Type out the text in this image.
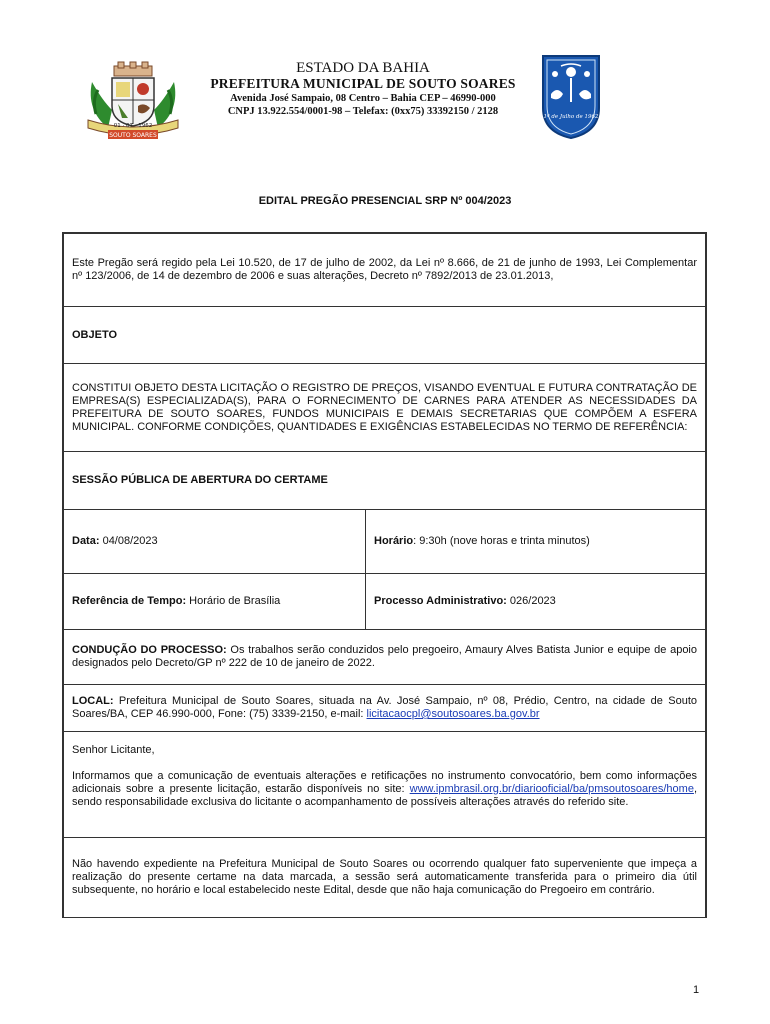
SOUTO SOARES
01 · 07 · 1962
ESTADO DA BAHIA
PREFEITURA MUNICIPAL DE SOUTO SOARES
Avenida José Sampaio, 08 Centro – Bahia CEP – 46990-000
CNPJ 13.922.554/0001-98 – Telefax: (0xx75) 33392150 / 2128	1º de Julho de 1962
EDITAL PREGÃO PRESENCIAL SRP Nº 004/2023

Este Pregão será regido pela Lei 10.520, de 17 de julho de 2002, da Lei nº 8.666, de 21 de junho de 1993, Lei Complementar nº 123/2006, de 14 de dezembro de 2006 e suas alterações, Decreto nº 7892/2013 de 23.01.2013,

OBJETO

CONSTITUI OBJETO DESTA LICITAÇÃO O REGISTRO DE PREÇOS, VISANDO EVENTUAL E FUTURA CONTRATAÇÃO DE EMPRESA(S) ESPECIALIZADA(S), PARA O FORNECIMENTO DE CARNES PARA ATENDER AS NECESSIDADES DA PREFEITURA DE SOUTO SOARES, FUNDOS MUNICIPAIS E DEMAIS SECRETARIAS QUE COMPÕEM A ESFERA MUNICIPAL. CONFORME CONDIÇÕES, QUANTIDADES E EXIGÊNCIAS ESTABELECIDAS NO TERMO DE REFERÊNCIA:

SESSÃO PÚBLICA DE ABERTURA DO CERTAME
Data: 04/08/2023	Horário: 9:30h (nove horas e trinta minutos)
Referência de Tempo: Horário de Brasília	Processo Administrativo: 026/2023

CONDUÇÃO DO PROCESSO: Os trabalhos serão conduzidos pelo pregoeiro, Amaury Alves Batista Junior e equipe de apoio designados pelo Decreto/GP nº 222 de 10 de janeiro de 2022.

LOCAL: Prefeitura Municipal de Souto Soares, situada na Av. José Sampaio, nº 08, Prédio, Centro, na cidade de Souto Soares/BA, CEP 46.990-000, Fone: (75) 3339-2150, e-mail: licitacaocpl@soutosoares.ba.gov.br

Senhor Licitante,

Informamos que a comunicação de eventuais alterações e retificações no instrumento convocatório, bem como informações adicionais sobre a presente licitação, estarão disponíveis no site: www.ipmbrasil.org.br/diariooficial/ba/pmsoutosoares/home, sendo responsabilidade exclusiva do licitante o acompanhamento de possíveis alterações através do referido site.

Não havendo expediente na Prefeitura Municipal de Souto Soares ou ocorrendo qualquer fato superveniente que impeça a realização do presente certame na data marcada, a sessão será automaticamente transferida para o primeiro dia útil subsequente, no horário e local estabelecido neste Edital, desde que não haja comunicação do Pregoeiro em contrário.

1
